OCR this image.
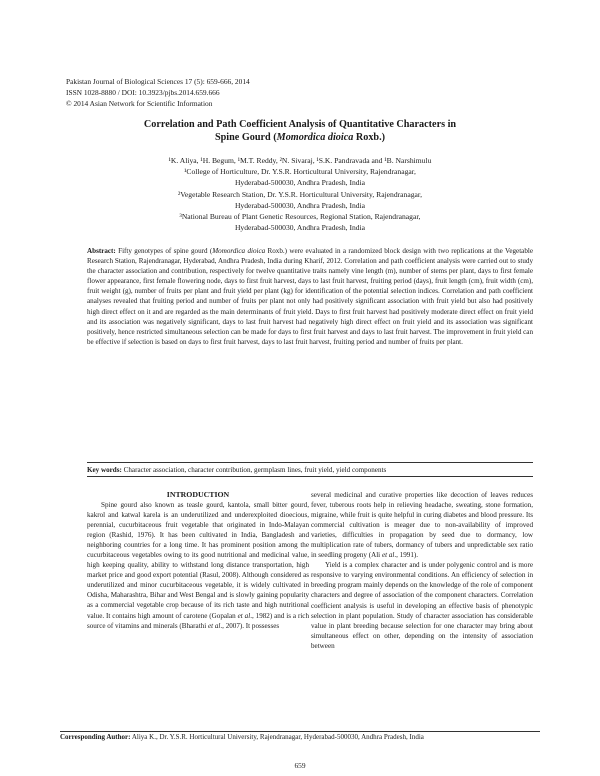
Pakistan Journal of Biological Sciences 17 (5): 659-666, 2014
ISSN 1028-8880 / DOI: 10.3923/pjbs.2014.659.666
© 2014 Asian Network for Scientific Information
Correlation and Path Coefficient Analysis of Quantitative Characters in
Spine Gourd (Momordica dioica Roxb.)
¹K. Aliya, ¹H. Begum, ¹M.T. Reddy, ²N. Sivaraj, ¹S.K. Pandravada and ¹B. Narshimulu
¹College of Horticulture, Dr. Y.S.R. Horticultural University, Rajendranagar,
Hyderabad-500030, Andhra Pradesh, India
²Vegetable Research Station, Dr. Y.S.R. Horticultural University, Rajendranagar,
Hyderabad-500030, Andhra Pradesh, India
³National Bureau of Plant Genetic Resources, Regional Station, Rajendranagar,
Hyderabad-500030, Andhra Pradesh, India
Abstract: Fifty genotypes of spine gourd (Momordica dioica Roxb.) were evaluated in a randomized block design with two replications at the Vegetable Research Station, Rajendranagar, Hyderabad, Andhra Pradesh, India during Kharif, 2012. Correlation and path coefficient analysis were carried out to study the character association and contribution, respectively for twelve quantitative traits namely vine length (m), number of stems per plant, days to first female flower appearance, first female flowering node, days to first fruit harvest, days to last fruit harvest, fruiting period (days), fruit length (cm), fruit width (cm), fruit weight (g), number of fruits per plant and fruit yield per plant (kg) for identification of the potential selection indices. Correlation and path coefficient analyses revealed that fruiting period and number of fruits per plant not only had positively significant association with fruit yield but also had positively high direct effect on it and are regarded as the main determinants of fruit yield. Days to first fruit harvest had positively moderate direct effect on fruit yield and its association was negatively significant, days to last fruit harvest had negatively high direct effect on fruit yield and its association was significant positively, hence restricted simultaneous selection can be made for days to first fruit harvest and days to last fruit harvest. The improvement in fruit yield can be effective if selection is based on days to first fruit harvest, days to last fruit harvest, fruiting period and number of fruits per plant.
Key words: Character association, character contribution, germplasm lines, fruit yield, yield components

INTRODUCTION

Spine gourd also known as teasle gourd, kantola, small bitter gourd, kakrol and katwal karela is an underutilized and underexploited dioecious, perennial, cucurbitaceous fruit vegetable that originated in Indo-Malayan region (Rashid, 1976). It has been cultivated in India, Bangladesh and neighboring countries for a long time. It has prominent position among the cucurbitaceous vegetables owing to its good nutritional and medicinal value, high keeping quality, ability to withstand long distance transportation, high market price and good export potential (Rasul, 2008). Although considered as underutilized and minor cucurbitaceous vegetable, it is widely cultivated in Odisha, Maharashtra, Bihar and West Bengal and is slowly gaining popularity as a commercial vegetable crop because of its rich taste and high nutritional value. It contains high amount of carotene (Gopalan et al., 1982) and is a rich source of vitamins and minerals (Bharathi et al., 2007). It possesses

several medicinal and curative properties like decoction of leaves reduces fever, tuberous roots help in relieving headache, sweating, stone formation, migraine, while fruit is quite helpful in curing diabetes and blood pressure. Its commercial cultivation is meager due to non-availability of improved varieties, difficulties in propagation by seed due to dormancy, low multiplication rate of tubers, dormancy of tubers and unpredictable sex ratio in seedling progeny (Ali et al., 1991).

Yield is a complex character and is under polygenic control and is more responsive to varying environmental conditions. An efficiency of selection in breeding program mainly depends on the knowledge of the role of component characters and degree of association of the component characters. Correlation coefficient analysis is useful in developing an effective basis of phenotypic selection in plant population. Study of character association has considerable value in plant breeding because selection for one character may bring about simultaneous effect on other, depending on the intensity of association between

Corresponding Author: Aliya K., Dr. Y.S.R. Horticultural University, Rajendranagar, Hyderabad-500030, Andhra Pradesh, India
659
